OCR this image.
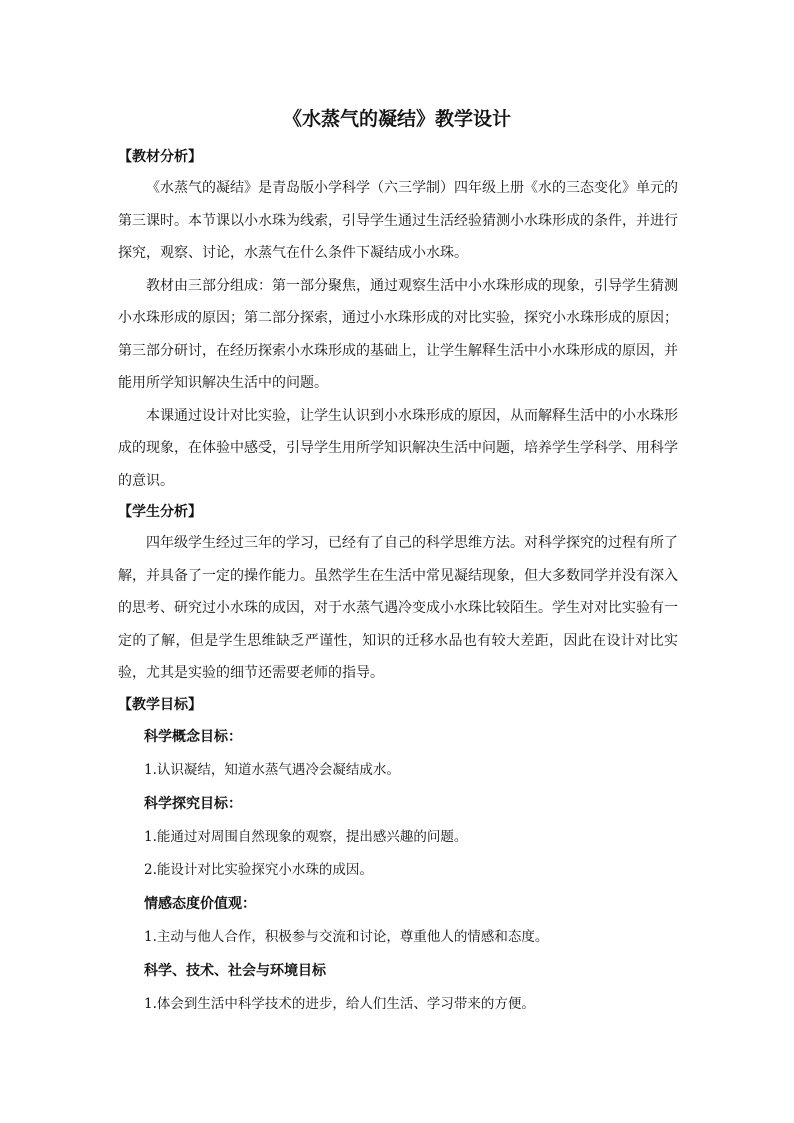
《水蒸气的凝结》教学设计

【教材分析】

《水蒸气的凝结》是青岛版小学科学（六三学制）四年级上册《水的三态变化》单元的第三课时。本节课以小水珠为线索，引导学生通过生活经验猜测小水珠形成的条件，并进行探究，观察、讨论，水蒸气在什么条件下凝结成小水珠。

教材由三部分组成：第一部分聚焦，通过观察生活中小水珠形成的现象，引导学生猜测小水珠形成的原因；第二部分探索，通过小水珠形成的对比实验，探究小水珠形成的原因；第三部分研讨，在经历探索小水珠形成的基础上，让学生解释生活中小水珠形成的原因，并能用所学知识解决生活中的问题。

本课通过设计对比实验，让学生认识到小水珠形成的原因，从而解释生活中的小水珠形成的现象，在体验中感受，引导学生用所学知识解决生活中问题，培养学生学科学、用科学的意识。

【学生分析】

四年级学生经过三年的学习，已经有了自己的科学思维方法。对科学探究的过程有所了解，并具备了一定的操作能力。虽然学生在生活中常见凝结现象，但大多数同学并没有深入的思考、研究过小水珠的成因，对于水蒸气遇冷变成小水珠比较陌生。学生对对比实验有一定的了解，但是学生思维缺乏严谨性，知识的迁移水品也有较大差距，因此在设计对比实验，尤其是实验的细节还需要老师的指导。

【教学目标】

科学概念目标：

1.认识凝结，知道水蒸气遇冷会凝结成水。

科学探究目标：

1.能通过对周围自然现象的观察，提出感兴趣的问题。

2.能设计对比实验探究小水珠的成因。

情感态度价值观：

1.主动与他人合作，积极参与交流和讨论，尊重他人的情感和态度。

科学、技术、社会与环境目标

1.体会到生活中科学技术的进步，给人们生活、学习带来的方便。
